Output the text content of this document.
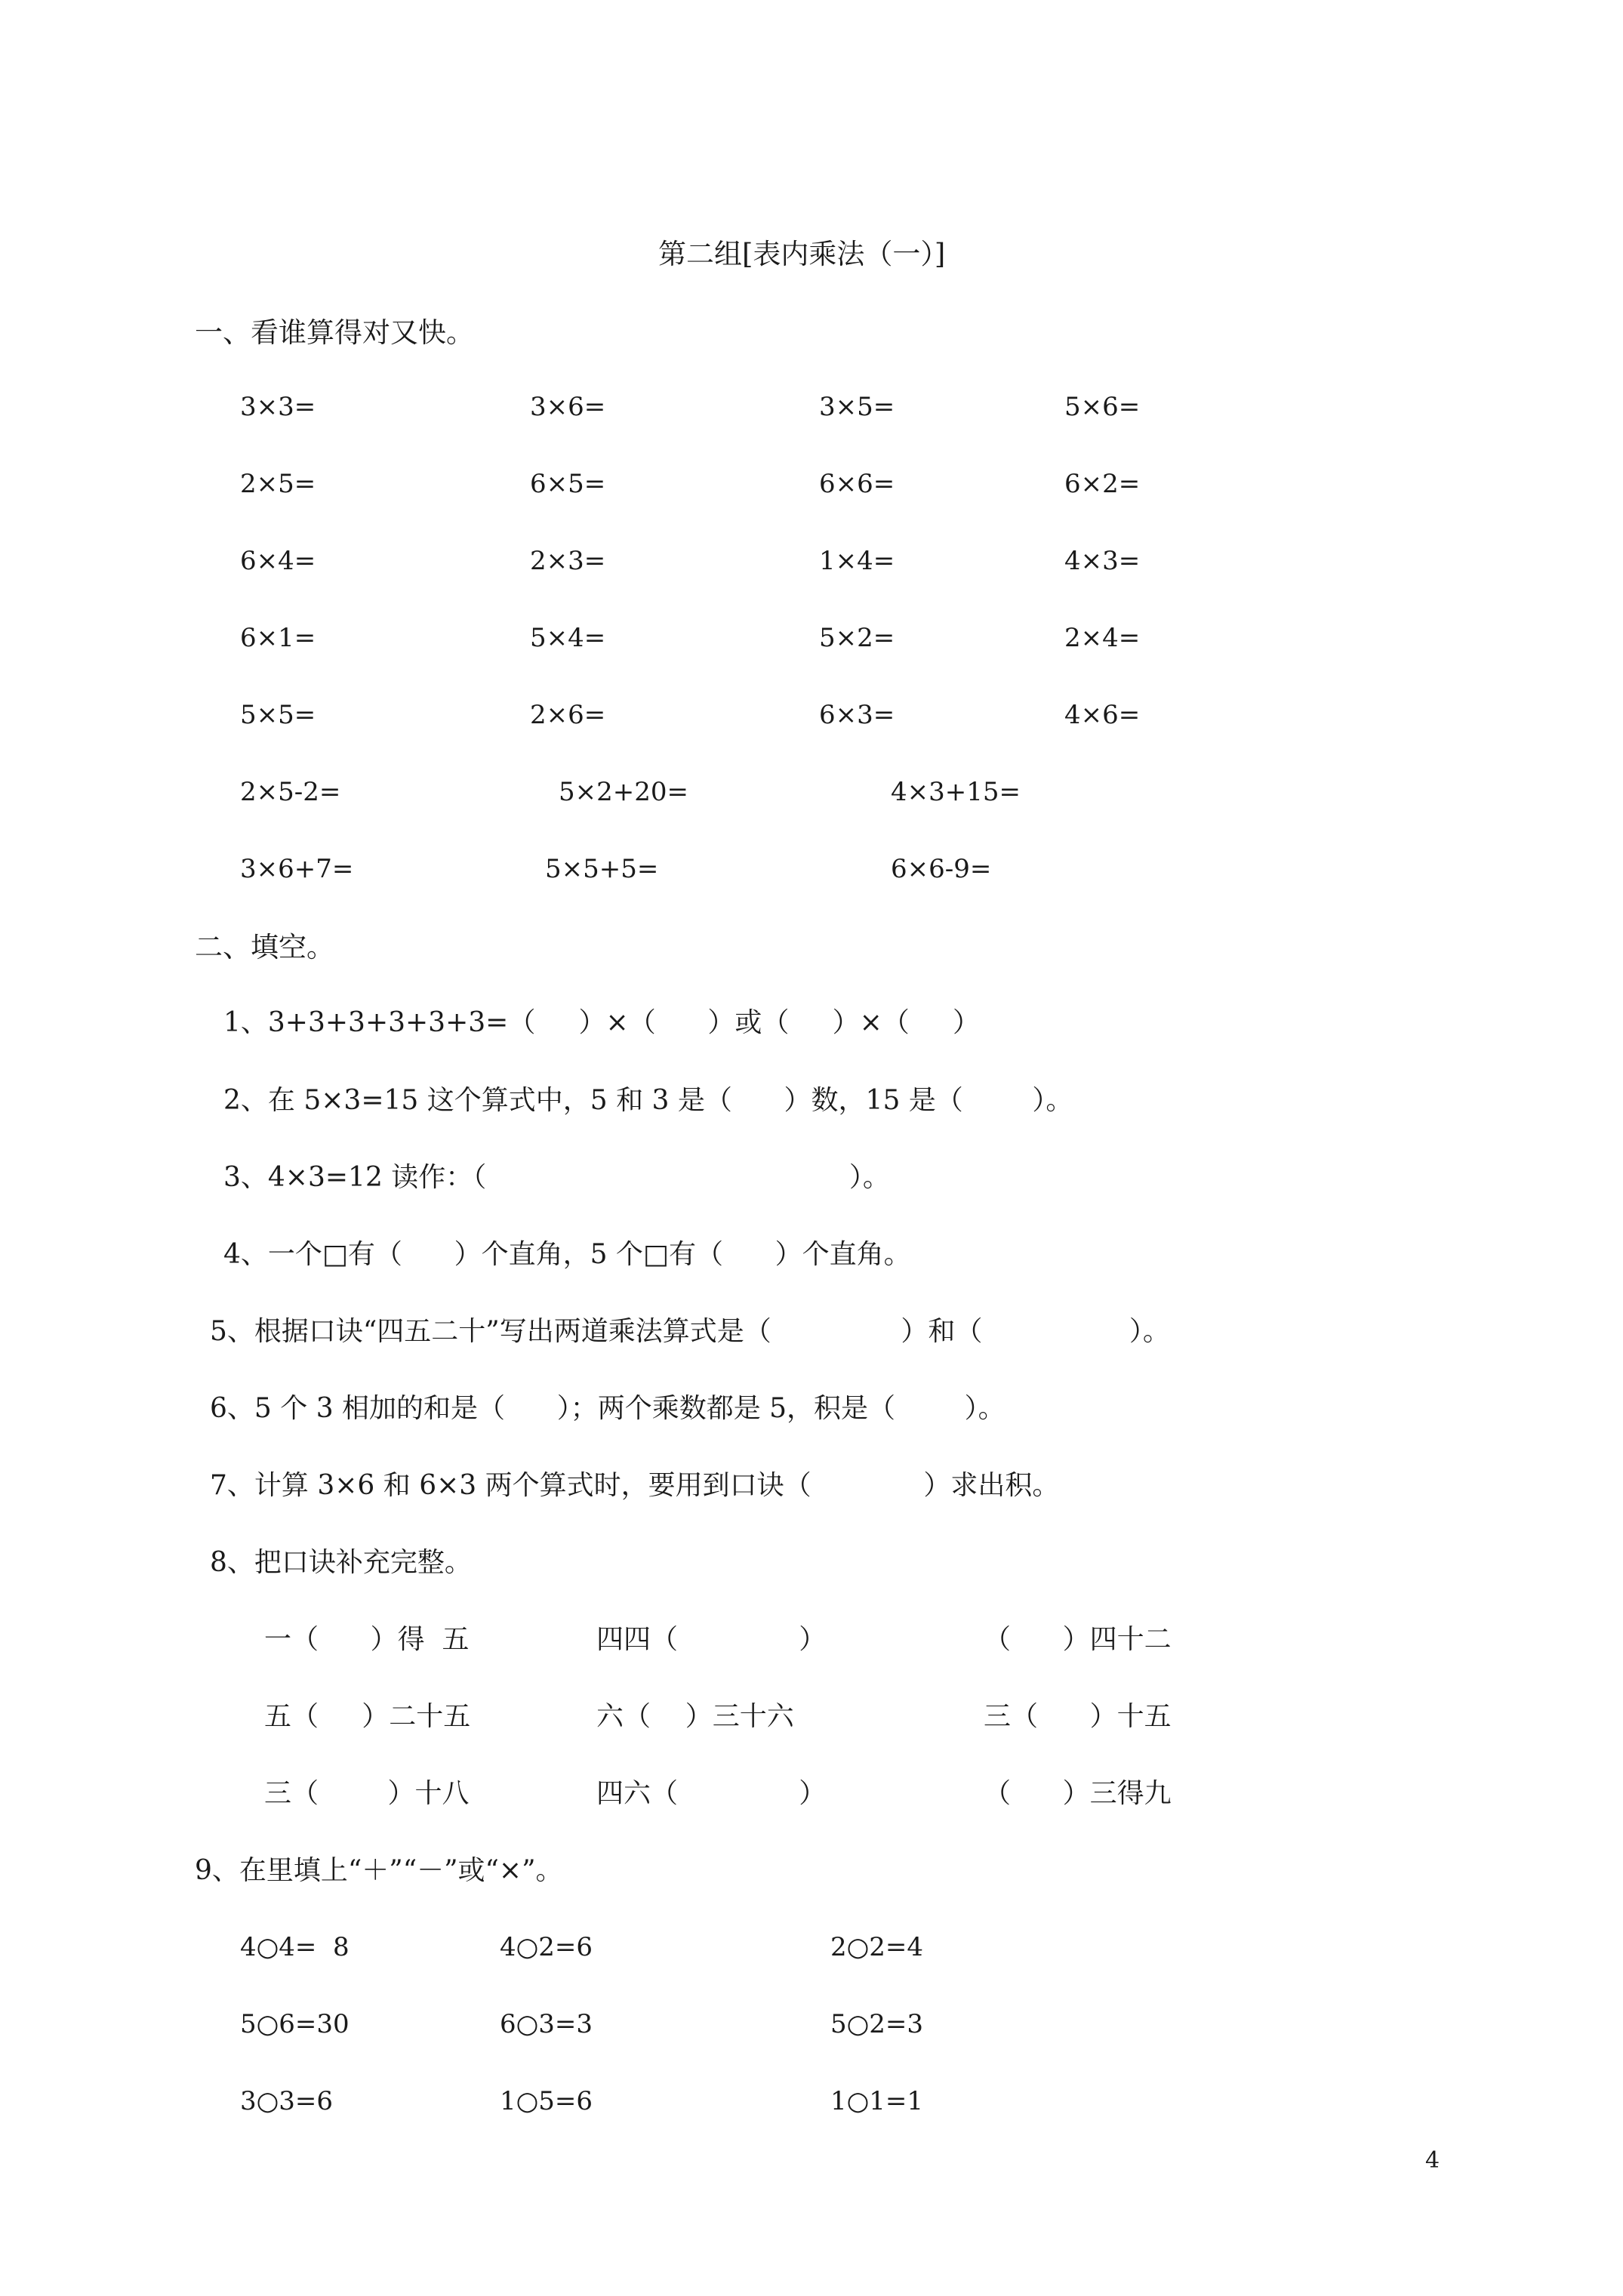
第二组[表内乘法（一）]
一、看谁算得对又快。
3×3=	3×6=	3×5=	5×6=
2×5=	6×5=	6×6=	6×2=
6×4=	2×3=	1×4=	4×3=
6×1=	5×4=	5×2=	2×4=
5×5=	2×6=	6×3=	4×6=
2×5-2=	5×2+20=	4×3+15=
3×6+7=	5×5+5=	6×6-9=
二、填空。
1、3+3+3+3+3+3=（     ）×（      ）或（     ）×（     ）
2、在 5×3=15 这个算式中，5 和 3 是（      ）数，15 是（        ）。
3、4×3=12 读作：（                                          ）。
4、一个□有（      ）个直角，5 个□有（      ）个直角。
5、根据口诀“四五二十”写出两道乘法算式是（               ）和（                 ）。
6、5 个 3 相加的和是（      ）；两个乘数都是 5，积是（        ）。
7、计算 3×6 和 6×3 两个算式时，要用到口诀（             ）求出积。
8、把口诀补充完整。
一（      ）得  五	四四（              ）	（      ）四十二
五（     ）二十五	六（    ）三十六	三（      ）十五
三（        ）十八	四六（              ）	（      ）三得九
9、在里填上“＋”“－”或“×”。
4○4=  8	4○2=6	2○2=4
5○6=30	6○3=3	5○2=3
3○3=6	1○5=6	1○1=1
4
